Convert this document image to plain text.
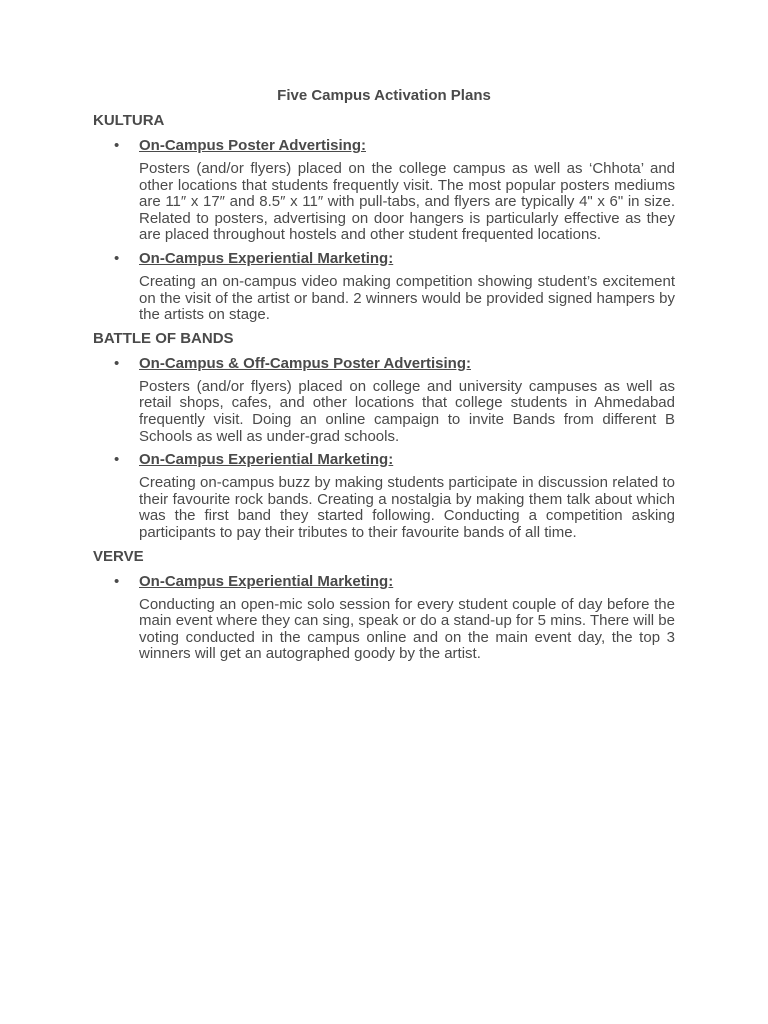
Five Campus Activation Plans
KULTURA
• On-Campus Poster Advertising:

Posters (and/or flyers) placed on the college campus as well as ‘Chhota’ and other locations that students frequently visit. The most popular posters mediums are 11″ x 17″ and 8.5″ x 11″ with pull-tabs, and flyers are typically 4" x 6" in size. Related to posters, advertising on door hangers is particularly effective as they are placed throughout hostels and other student frequented locations.

• On-Campus Experiential Marketing:

Creating an on-campus video making competition showing student’s excitement on the visit of the artist or band. 2 winners would be provided signed hampers by the artists on stage.

BATTLE OF BANDS
• On-Campus & Off-Campus Poster Advertising:

Posters (and/or flyers) placed on college and university campuses as well as retail shops, cafes, and other locations that college students in Ahmedabad frequently visit. Doing an online campaign to invite Bands from different B Schools as well as under-grad schools.

• On-Campus Experiential Marketing:

Creating on-campus buzz by making students participate in discussion related to their favourite rock bands. Creating a nostalgia by making them talk about which was the first band they started following. Conducting a competition asking participants to pay their tributes to their favourite bands of all time.

VERVE
• On-Campus Experiential Marketing:

Conducting an open-mic solo session for every student couple of day before the main event where they can sing, speak or do a stand-up for 5 mins. There will be voting conducted in the campus online and on the main event day, the top 3 winners will get an autographed goody by the artist.
